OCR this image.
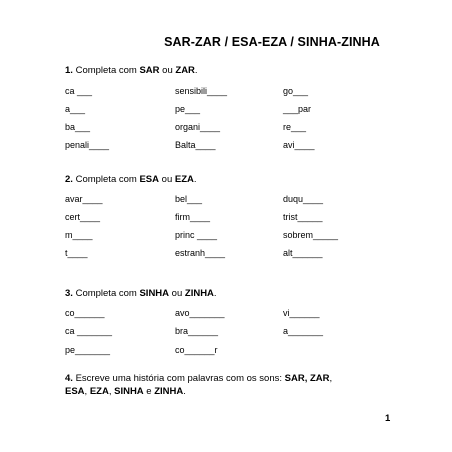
SAR-ZAR / ESA-EZA / SINHA-ZINHA
1. Completa com SAR ou ZAR.
ca ___	sensibili____	go___
a___	pe___	___par
ba___	organi____	re___
penali____	Balta____	avi____
2. Completa com ESA ou EZA.
avar____	bel___	duqu____
cert____	firm____	trist_____
m____	princ ____	sobrem_____
t____	estranh____	alt______
3. Completa com SINHA ou ZINHA.
co______	avo_______	vi______
ca _______	bra______	a_______
pe_______	co______r
4. Escreve uma história com palavras com os sons: SAR, ZAR,
ESA, EZA, SINHA e ZINHA.
1
